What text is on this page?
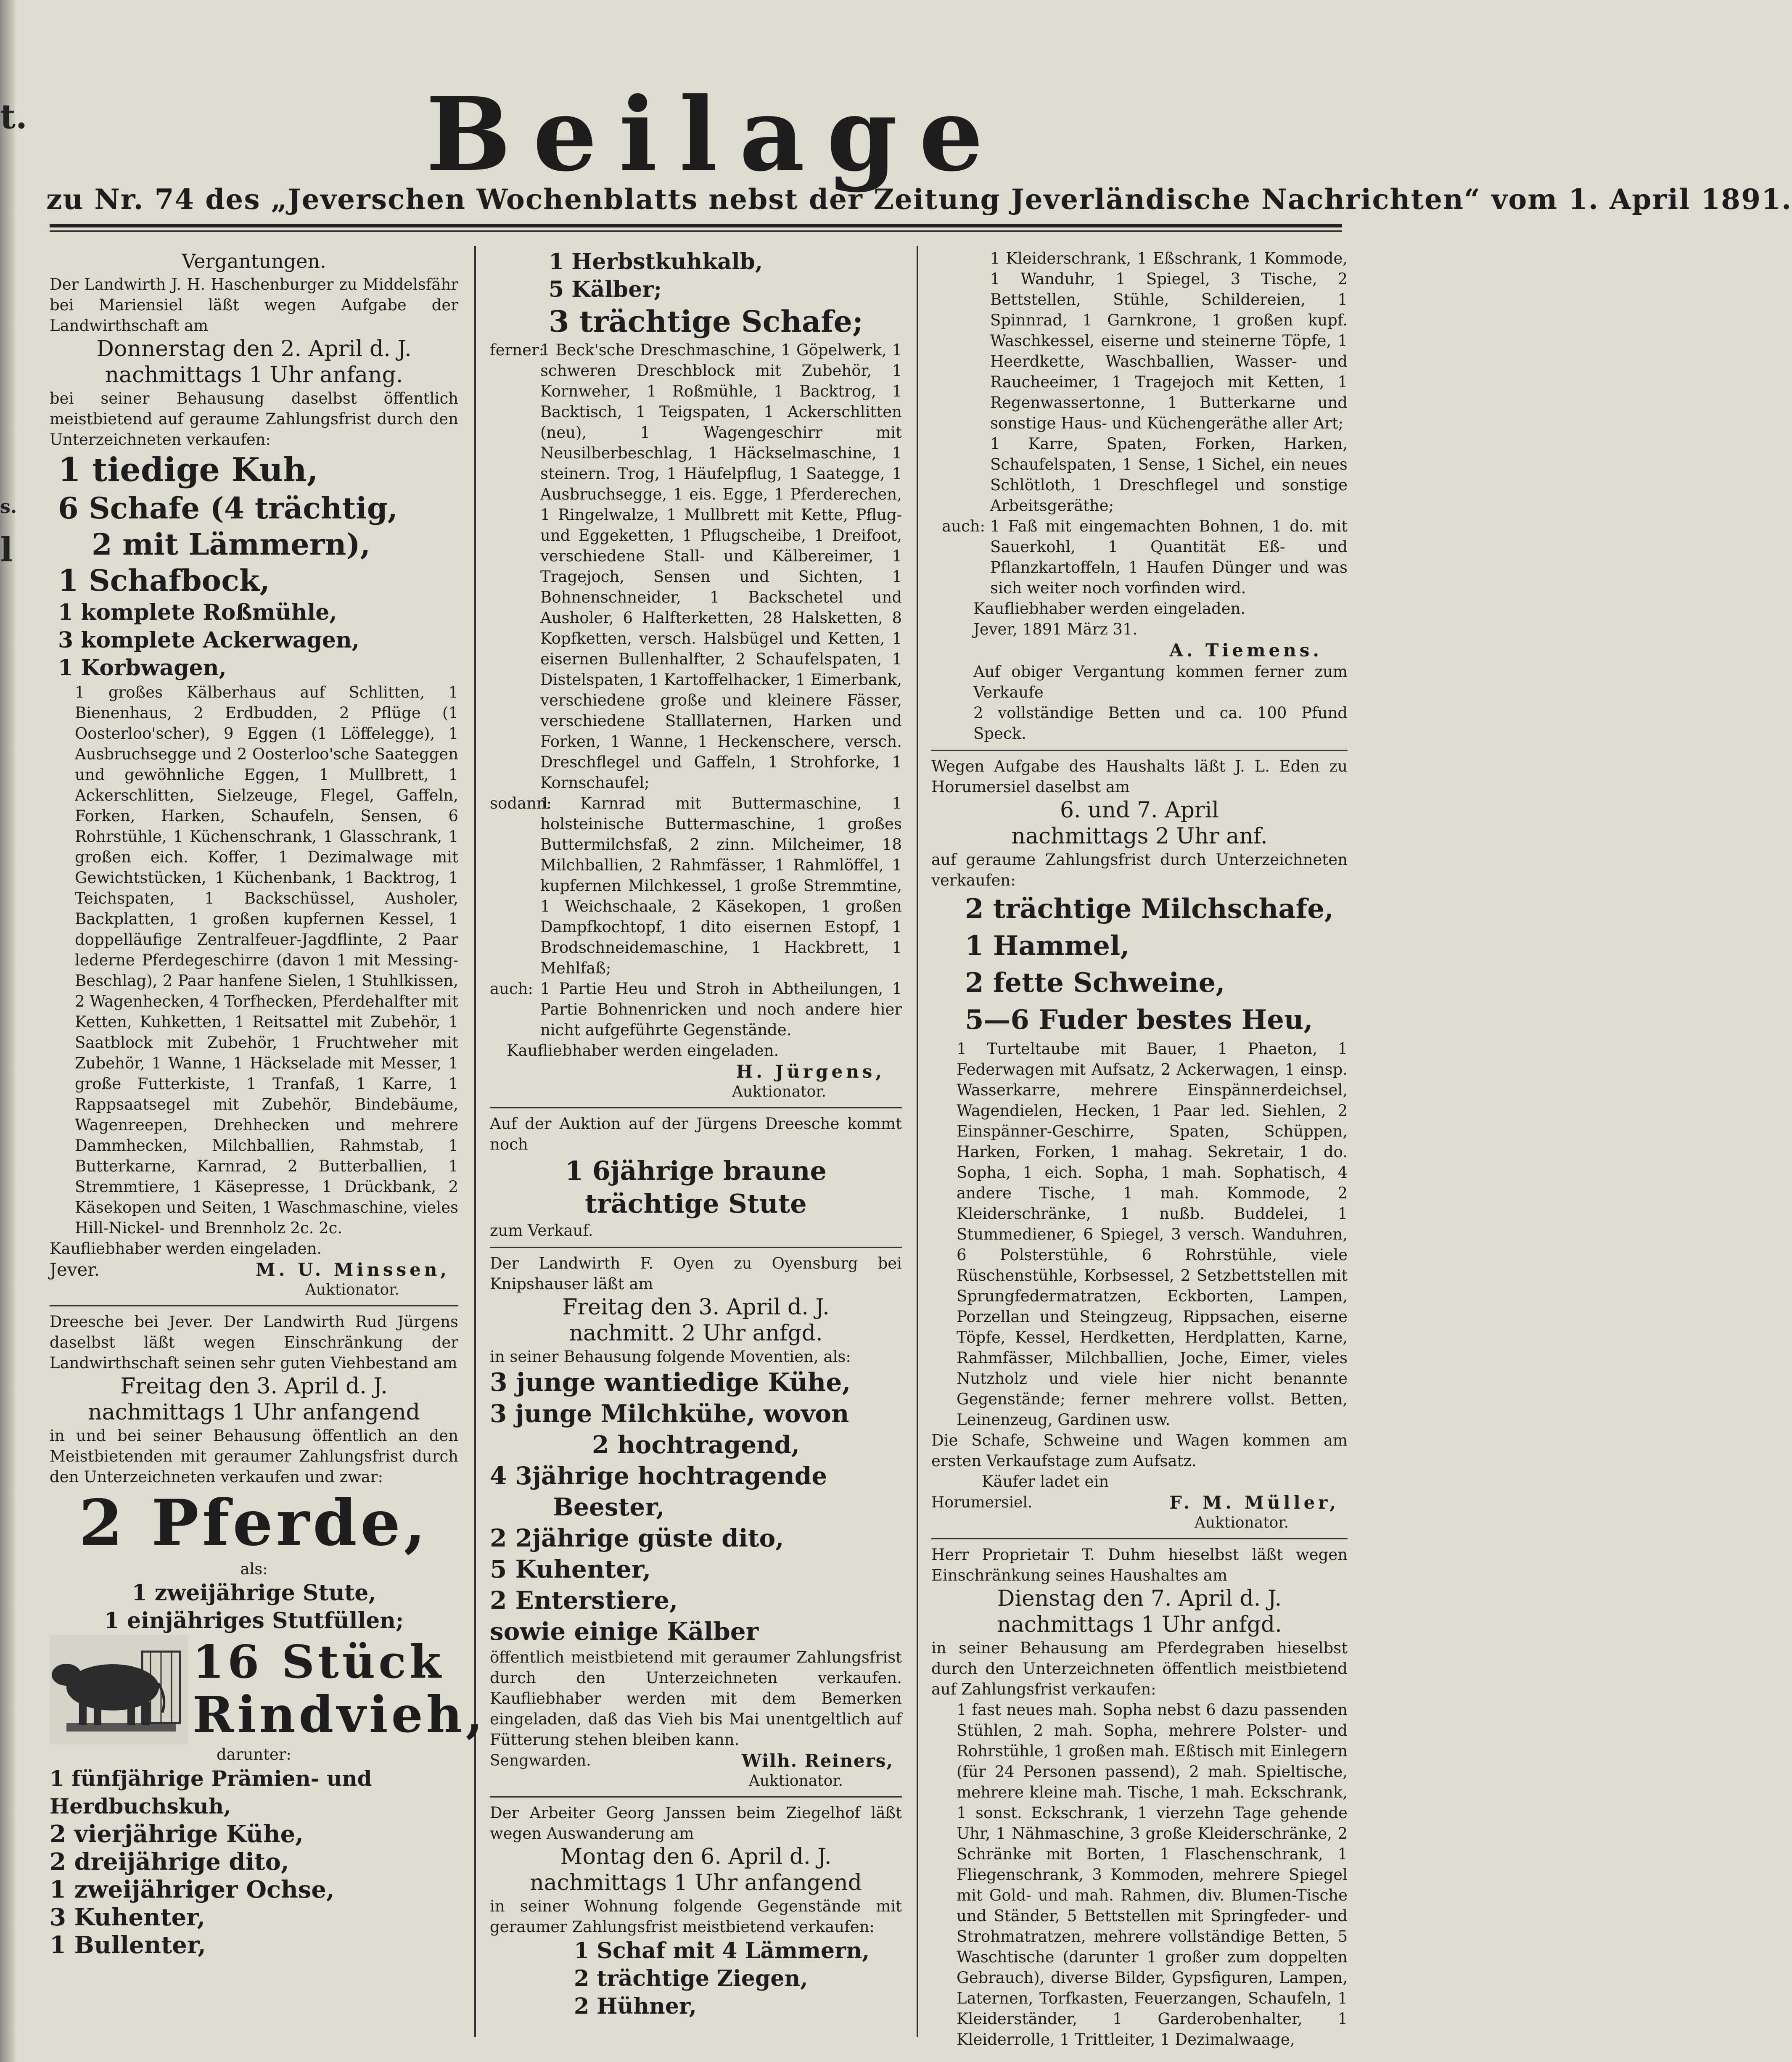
t.
s.
l
Beilage
zu Nr. 74 des „Jeverschen Wochenblatts nebst der Zeitung Jeverländische Nachrichten“ vom 1. April 1891.
Vergantungen.

Der Landwirth J. H. Haschenburger zu Middelsfähr bei Mariensiel läßt wegen Aufgabe der Landwirthschaft am

Donnerstag den 2. April d. J.
nachmittags 1 Uhr anfang.

bei seiner Behausung daselbst öffentlich meistbietend auf geraume Zahlungsfrist durch den Unterzeichneten verkaufen:

1 tiedige Kuh,
6 Schafe (4 trächtig,
2 mit Lämmern),
1 Schafbock,
1 komplete Roßmühle,
3 komplete Ackerwagen,
1 Korbwagen,

1 großes Kälberhaus auf Schlitten, 1 Bienenhaus, 2 Erdbudden, 2 Pflüge (1 Oosterloo'scher), 9 Eggen (1 Löffelegge), 1 Ausbruchsegge und 2 Oosterloo'sche Saateggen und gewöhnliche Eggen, 1 Mullbrett, 1 Ackerschlitten, Sielzeuge, Flegel, Gaffeln, Forken, Harken, Schaufeln, Sensen, 6 Rohrstühle, 1 Küchenschrank, 1 Glasschrank, 1 großen eich. Koffer, 1 Dezimalwage mit Gewichtstücken, 1 Küchenbank, 1 Backtrog, 1 Teichspaten, 1 Backschüssel, Ausholer, Backplatten, 1 großen kupfernen Kessel, 1 doppelläufige Zentralfeuer-Jagdflinte, 2 Paar lederne Pferdegeschirre (davon 1 mit Messing-Beschlag), 2 Paar hanfene Sielen, 1 Stuhlkissen, 2 Wagenhecken, 4 Torfhecken, Pferdehalfter mit Ketten, Kuhketten, 1 Reitsattel mit Zubehör, 1 Saatblock mit Zubehör, 1 Fruchtweher mit Zubehör, 1 Wanne, 1 Häckselade mit Messer, 1 große Futterkiste, 1 Tranfaß, 1 Karre, 1 Rappsaatsegel mit Zubehör, Bindebäume, Wagenreepen, Drehhecken und mehrere Dammhecken, Milchballien, Rahmstab, 1 Butterkarne, Karnrad, 2 Butterballien, 1 Stremmtiere, 1 Käsepresse, 1 Drückbank, 2 Käsekopen und Seiten, 1 Waschmaschine, vieles Hill-Nickel- und Brennholz 2c. 2c.

Kaufliebhaber werden eingeladen.

Jever.	M. U. Minssen,
Auktionator.

Dreesche bei Jever. Der Landwirth Rud Jürgens daselbst läßt wegen Einschränkung der Landwirthschaft seinen sehr guten Viehbestand am

Freitag den 3. April d. J.
nachmittags 1 Uhr anfangend

in und bei seiner Behausung öffentlich an den Meistbietenden mit geraumer Zahlungsfrist durch den Unterzeichneten verkaufen und zwar:

2 Pferde,
als:
1 zweijährige Stute,
1 einjähriges Stutfüllen;
16 Stück
Rindvieh,
darunter:
1 fünfjährige Prämien- und Herdbuchskuh,
2 vierjährige Kühe,
2 dreijährige dito,
1 zweijähriger Ochse,
3 Kuhenter,
1 Bullenter,
1 Herbstkuhkalb,
5 Kälber;
3 trächtige Schafe;
ferner:

1 Beck'sche Dreschmaschine, 1 Göpelwerk, 1 schweren Dreschblock mit Zubehör, 1 Kornweher, 1 Roßmühle, 1 Backtrog, 1 Backtisch, 1 Teigspaten, 1 Ackerschlitten (neu), 1 Wagengeschirr mit Neusilberbeschlag, 1 Häckselmaschine, 1 steinern. Trog, 1 Häufelpflug, 1 Saategge, 1 Ausbruchsegge, 1 eis. Egge, 1 Pferderechen, 1 Ringelwalze, 1 Mullbrett mit Kette, Pflug- und Eggeketten, 1 Pflugscheibe, 1 Dreifoot, verschiedene Stall- und Kälbereimer, 1 Tragejoch, Sensen und Sichten, 1 Bohnenschneider, 1 Backschetel und Ausholer, 6 Halfterketten, 28 Halsketten, 8 Kopfketten, versch. Halsbügel und Ketten, 1 eisernen Bullenhalfter, 2 Schaufelspaten, 1 Distelspaten, 1 Kartoffelhacker, 1 Eimerbank, verschiedene große und kleinere Fässer, verschiedene Stalllaternen, Harken und Forken, 1 Wanne, 1 Heckenschere, versch. Dreschflegel und Gaffeln, 1 Strohforke, 1 Kornschaufel;

sodann:

1 Karnrad mit Buttermaschine, 1 holsteinische Buttermaschine, 1 großes Buttermilchsfaß, 2 zinn. Milcheimer, 18 Milchballien, 2 Rahmfässer, 1 Rahmlöffel, 1 kupfernen Milchkessel, 1 große Stremmtine, 1 Weichschaale, 2 Käsekopen, 1 großen Dampfkochtopf, 1 dito eisernen Estopf, 1 Brodschneidemaschine, 1 Hackbrett, 1 Mehlfaß;

auch: 1 Partie Heu und Stroh in Abtheilungen, 1 Partie Bohnenricken und noch andere hier nicht aufgeführte Gegenstände.

Kaufliebhaber werden eingeladen.

H. Jürgens,
Auktionator.

Auf der Auktion auf der Jürgens Dreesche kommt noch

1 6jährige braune
trächtige Stute

zum Verkauf.

Der Landwirth F. Oyen zu Oyensburg bei Knipshauser läßt am

Freitag den 3. April d. J.
nachmitt. 2 Uhr anfgd.

in seiner Behausung folgende Moventien, als:

3 junge wantiedige Kühe,
3 junge Milchkühe, wovon
2 hochtragend,
4 3jährige hochtragende
Beester,
2 2jährige güste dito,
5 Kuhenter,
2 Enterstiere,
sowie einige Kälber

öffentlich meistbietend mit geraumer Zahlungsfrist durch den Unterzeichneten verkaufen. Kaufliebhaber werden mit dem Bemerken eingeladen, daß das Vieh bis Mai unentgeltlich auf Fütterung stehen bleiben kann.

Sengwarden.	Wilh. Reiners,
Auktionator.

Der Arbeiter Georg Janssen beim Ziegelhof läßt wegen Auswanderung am

Montag den 6. April d. J.
nachmittags 1 Uhr anfangend

in seiner Wohnung folgende Gegenstände mit geraumer Zahlungsfrist meistbietend verkaufen:

1 Schaf mit 4 Lämmern,
2 trächtige Ziegen,
2 Hühner,

1 Kleiderschrank, 1 Eßschrank, 1 Kommode, 1 Wanduhr, 1 Spiegel, 3 Tische, 2 Bettstellen, Stühle, Schildereien, 1 Spinnrad, 1 Garnkrone, 1 großen kupf. Waschkessel, eiserne und steinerne Töpfe, 1 Heerdkette, Waschballien, Wasser- und Raucheeimer, 1 Tragejoch mit Ketten, 1 Regenwassertonne, 1 Butterkarne und sonstige Haus- und Küchengeräthe aller Art;

1 Karre, Spaten, Forken, Harken, Schaufelspaten, 1 Sense, 1 Sichel, ein neues Schlötloth, 1 Dreschflegel und sonstige Arbeitsgeräthe;

auch: 1 Faß mit eingemachten Bohnen, 1 do. mit Sauerkohl, 1 Quantität Eß- und Pflanzkartoffeln, 1 Haufen Dünger und was sich weiter noch vorfinden wird.

Kaufliebhaber werden eingeladen.

Jever, 1891 März 31.

A. Tiemens.

Auf obiger Vergantung kommen ferner zum Verkaufe

2 vollständige Betten und ca. 100 Pfund Speck.

Wegen Aufgabe des Haushalts läßt J. L. Eden zu Horumersiel daselbst am

6. und 7. April
nachmittags 2 Uhr anf.

auf geraume Zahlungsfrist durch Unterzeichneten verkaufen:

2 trächtige Milchschafe,
1 Hammel,
2 fette Schweine,
5—6 Fuder bestes Heu,

1 Turteltaube mit Bauer, 1 Phaeton, 1 Federwagen mit Aufsatz, 2 Ackerwagen, 1 einsp. Wasserkarre, mehrere Einspännerdeichsel, Wagendielen, Hecken, 1 Paar led. Siehlen, 2 Einspänner-Geschirre, Spaten, Schüppen, Harken, Forken, 1 mahag. Sekretair, 1 do. Sopha, 1 eich. Sopha, 1 mah. Sophatisch, 4 andere Tische, 1 mah. Kommode, 2 Kleiderschränke, 1 nußb. Buddelei, 1 Stummediener, 6 Spiegel, 3 versch. Wanduhren, 6 Polsterstühle, 6 Rohrstühle, viele Rüschenstühle, Korbsessel, 2 Setzbettstellen mit Sprungfedermatratzen, Eckborten, Lampen, Porzellan und Steingzeug, Rippsachen, eiserne Töpfe, Kessel, Herdketten, Herdplatten, Karne, Rahmfässer, Milchballien, Joche, Eimer, vieles Nutzholz und viele hier nicht benannte Gegenstände; ferner mehrere vollst. Betten, Leinenzeug, Gardinen usw.

Die Schafe, Schweine und Wagen kommen am ersten Verkaufstage zum Aufsatz.

Käufer ladet ein

Horumersiel.	F. M. Müller,
Auktionator.

Herr Proprietair T. Duhm hieselbst läßt wegen Einschränkung seines Haushaltes am

Dienstag den 7. April d. J.
nachmittags 1 Uhr anfgd.

in seiner Behausung am Pferdegraben hieselbst durch den Unterzeichneten öffentlich meistbietend auf Zahlungsfrist verkaufen:

1 fast neues mah. Sopha nebst 6 dazu passenden Stühlen, 2 mah. Sopha, mehrere Polster- und Rohrstühle, 1 großen mah. Eßtisch mit Einlegern (für 24 Personen passend), 2 mah. Spieltische, mehrere kleine mah. Tische, 1 mah. Eckschrank, 1 sonst. Eckschrank, 1 vierzehn Tage gehende Uhr, 1 Nähmaschine, 3 große Kleiderschränke, 2 Schränke mit Borten, 1 Flaschenschrank, 1 Fliegenschrank, 3 Kommoden, mehrere Spiegel mit Gold- und mah. Rahmen, div. Blumen-Tische und Ständer, 5 Bettstellen mit Springfeder- und Strohmatratzen, mehrere vollständige Betten, 5 Waschtische (darunter 1 großer zum doppelten Gebrauch), diverse Bilder, Gypsfiguren, Lampen, Laternen, Torfkasten, Feuerzangen, Schaufeln, 1 Kleiderständer, 1 Garderobenhalter, 1 Kleiderrolle, 1 Trittleiter, 1 Dezimalwaage,
